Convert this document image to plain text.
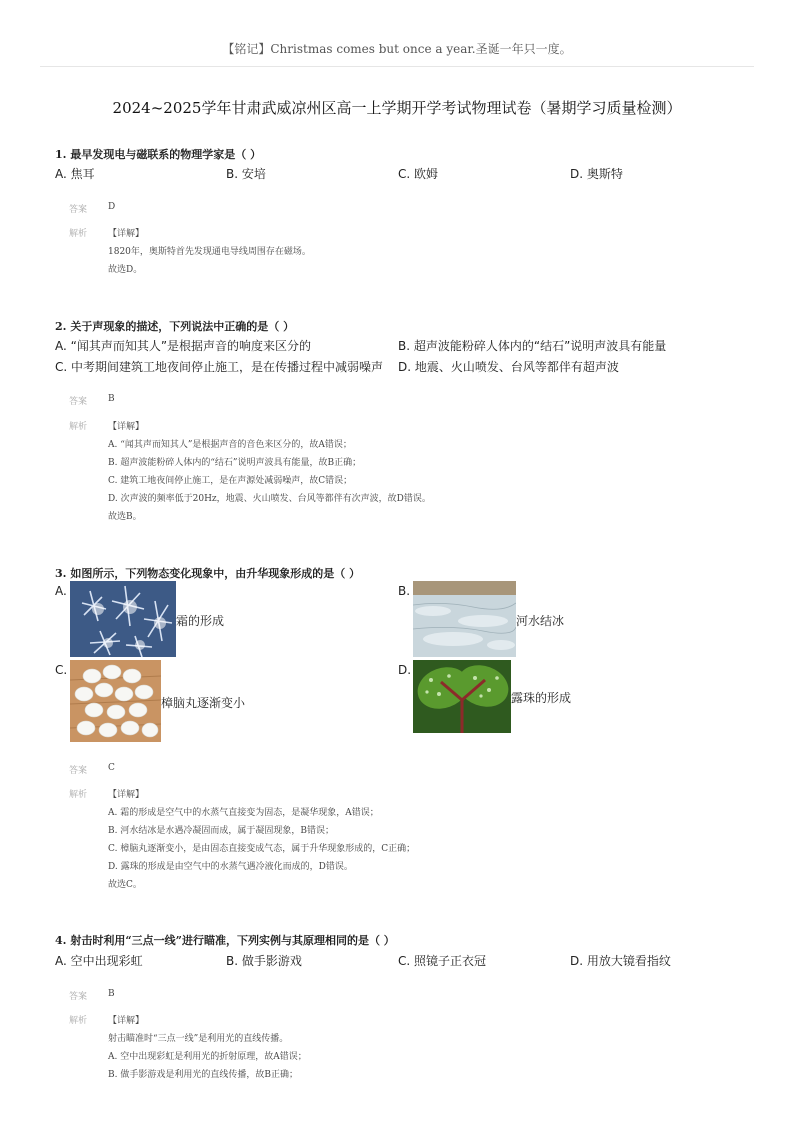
【铭记】Christmas comes but once a year.圣诞一年只一度。
2024~2025学年甘肃武威凉州区高一上学期开学考试物理试卷（暑期学习质量检测）
1. 最早发现电与磁联系的物理学家是（ ）
A. 焦耳	B. 安培	C. 欧姆	D. 奥斯特
答案 D
解析 【详解】
1820年，奥斯特首先发现通电导线周围存在磁场。
故选D。
2. 关于声现象的描述，下列说法中正确的是（ ）
A. “闻其声而知其人”是根据声音的响度来区分的	B. 超声波能粉碎人体内的“结石”说明声波具有能量
C. 中考期间建筑工地夜间停止施工，是在传播过程中减弱噪声 D. 地震、火山喷发、台风等都伴有超声波
答案 B
解析 【详解】
A. “闻其声而知其人”是根据声音的音色来区分的，故A错误；
B. 超声波能粉碎人体内的“结石”说明声波具有能量，故B正确；
C. 建筑工地夜间停止施工，是在声源处减弱噪声，故C错误；
D. 次声波的频率低于20Hz，地震、火山喷发、台风等都伴有次声波，故D错误。
故选B。
3. 如图所示，下列物态变化现象中，由升华现象形成的是（ ）
A.
霜的形成
B.
河水结冰
C.
樟脑丸逐渐变小
D.
露珠的形成
答案 C
解析 【详解】
A. 霜的形成是空气中的水蒸气直接变为固态，是凝华现象，A错误；
B. 河水结冰是水遇冷凝固而成，属于凝固现象，B错误；
C. 樟脑丸逐渐变小，是由固态直接变成气态，属于升华现象形成的，C正确；
D. 露珠的形成是由空气中的水蒸气遇冷液化而成的，D错误。
故选C。
4. 射击时利用“三点一线”进行瞄准，下列实例与其原理相同的是（ ）
A. 空中出现彩虹	B. 做手影游戏	C. 照镜子正衣冠	D. 用放大镜看指纹
答案 B
解析 【详解】
射击瞄准时“三点一线”是利用光的直线传播。
A. 空中出现彩虹是利用光的折射原理，故A错误；
B. 做手影游戏是利用光的直线传播，故B正确；
